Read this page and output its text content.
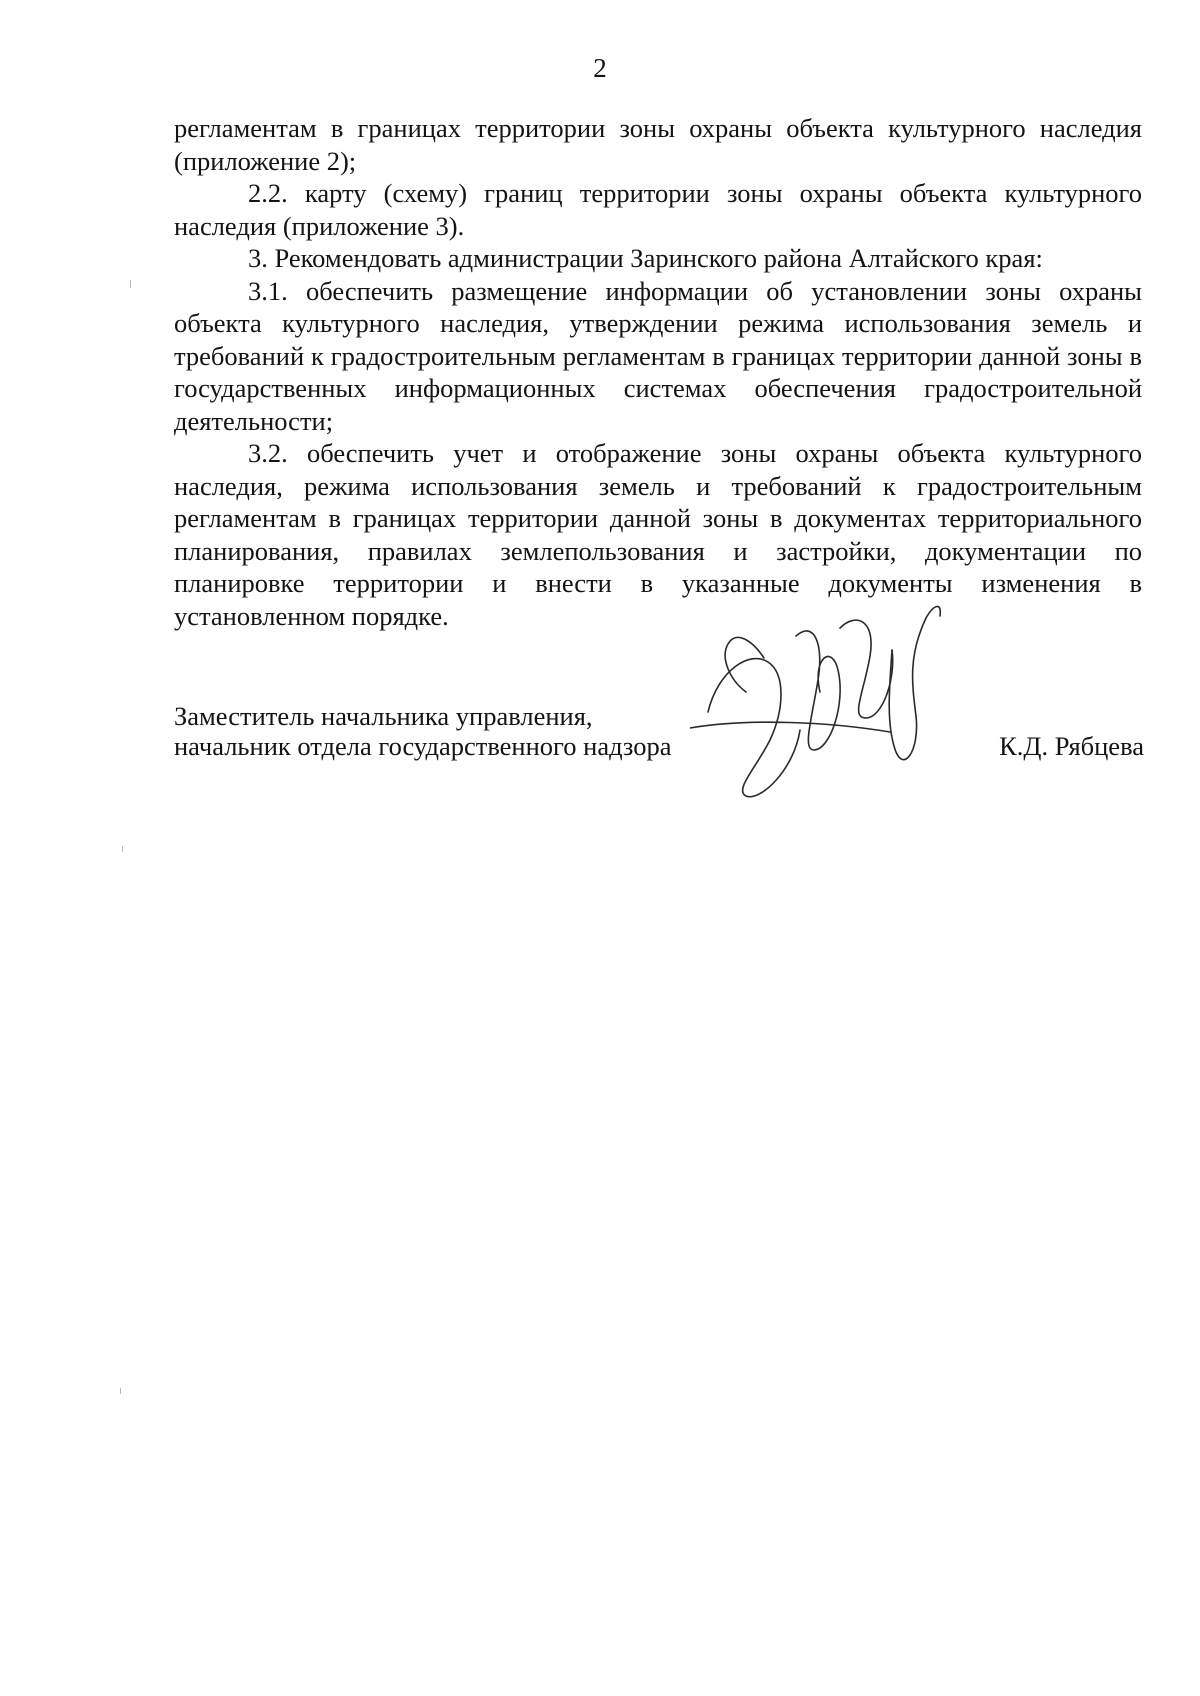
2

регламентам в границах территории зоны охраны объекта культурного наследия (приложение 2);

2.2. карту (схему) границ территории зоны охраны объекта культурного наследия (приложение 3).

3. Рекомендовать администрации Заринского района Алтайского края:

3.1. обеспечить размещение информации об установлении зоны охраны объекта культурного наследия, утверждении режима использования земель и требований к градостроительным регламентам в границах территории данной зоны в государственных информационных системах обеспечения градостроительной деятельности;

3.2. обеспечить учет и отображение зоны охраны объекта культурного наследия, режима использования земель и требований к градостроительным регламентам в границах территории данной зоны в документах территориального планирования, правилах землепользования и застройки, документации по планировке территории и внести в указанные документы изменения в установленном порядке.

Заместитель начальника управления,
начальник отдела государственного надзора	К.Д. Рябцева
